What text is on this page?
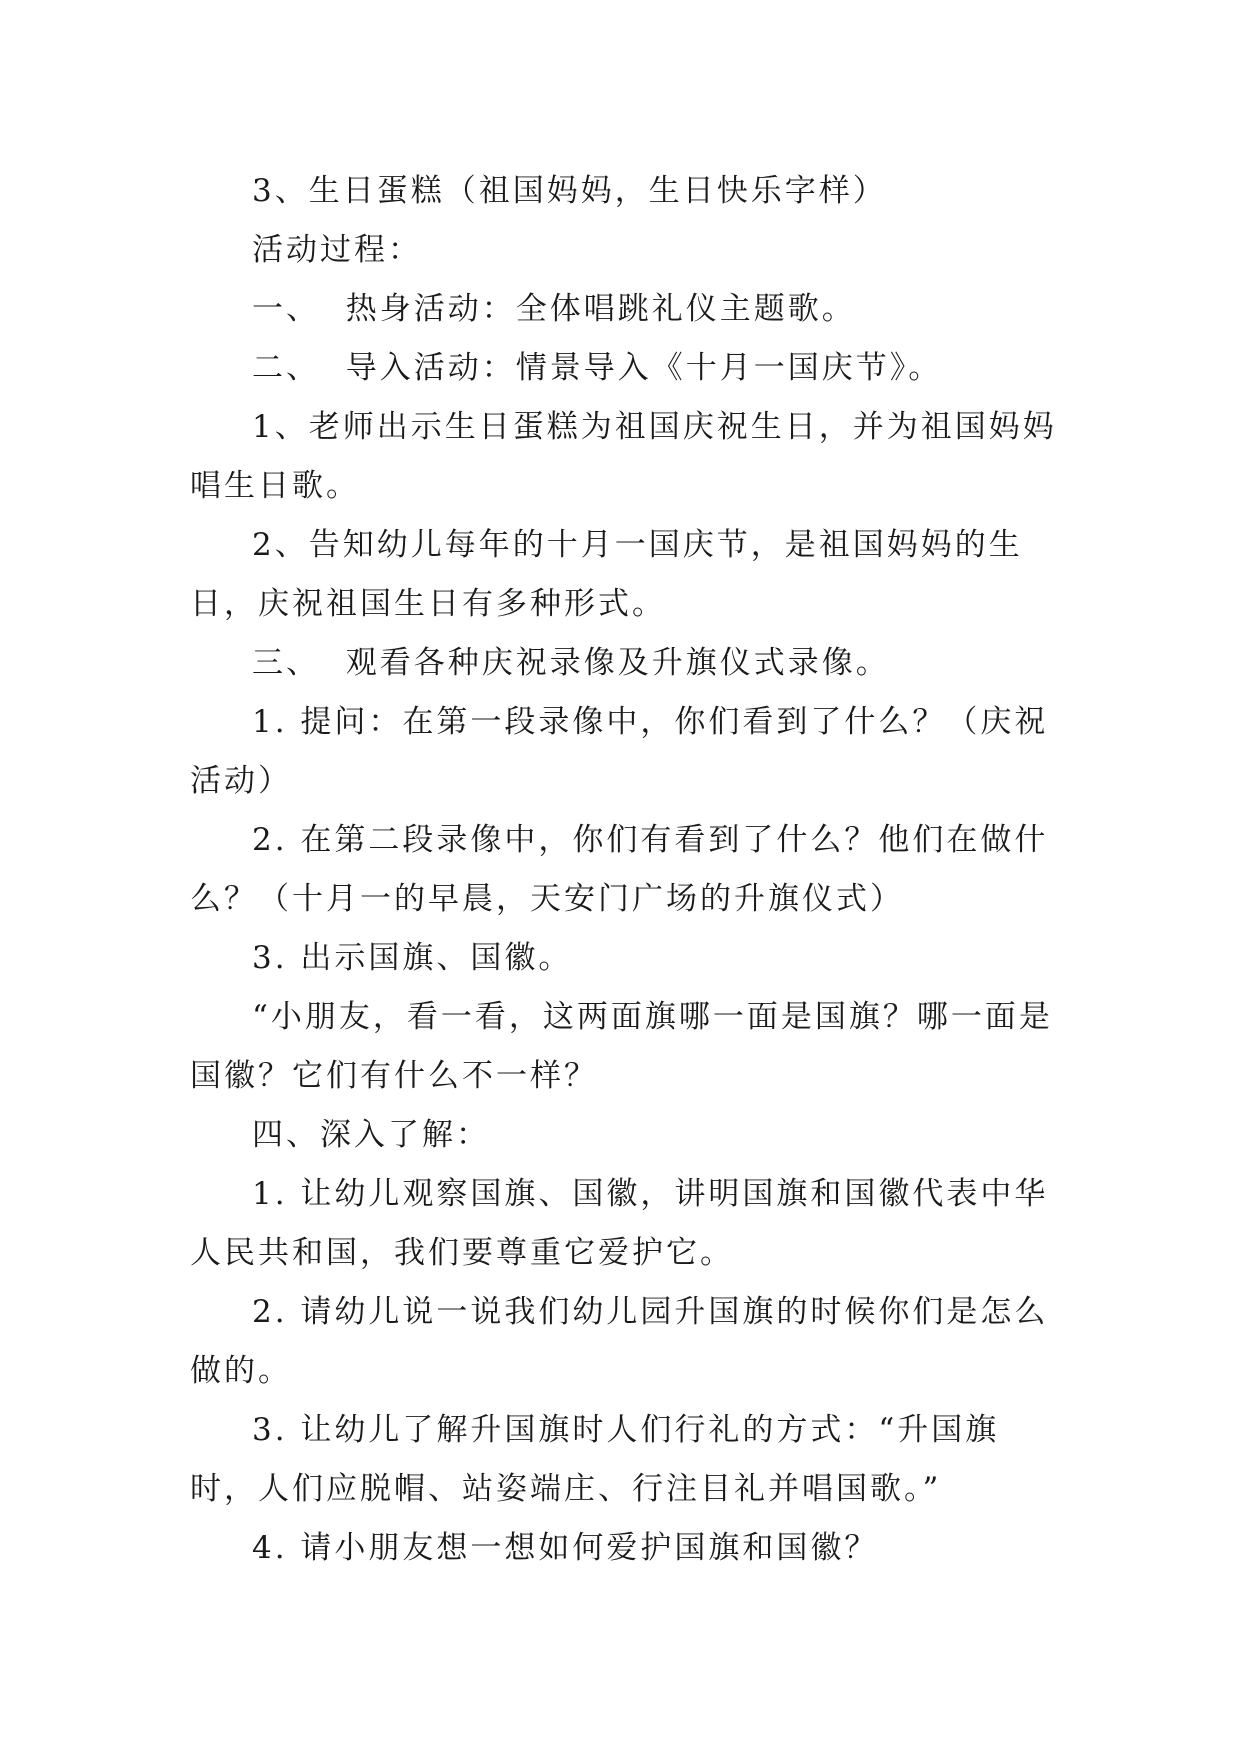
3、生日蛋糕（祖国妈妈，生日快乐字样）

活动过程：

一、  热身活动：全体唱跳礼仪主题歌。

二、  导入活动：情景导入《十月一国庆节》。

1、老师出示生日蛋糕为祖国庆祝生日，并为祖国妈妈唱生日歌。

2、告知幼儿每年的十月一国庆节，是祖国妈妈的生日，庆祝祖国生日有多种形式。

三、  观看各种庆祝录像及升旗仪式录像。

1. 提问：在第一段录像中，你们看到了什么？（庆祝活动）

2. 在第二段录像中，你们有看到了什么？他们在做什么？（十月一的早晨，天安门广场的升旗仪式）

3. 出示国旗、国徽。

“小朋友，看一看，这两面旗哪一面是国旗？哪一面是国徽？它们有什么不一样？

四、深入了解：

1. 让幼儿观察国旗、国徽，讲明国旗和国徽代表中华人民共和国，我们要尊重它爱护它。

2. 请幼儿说一说我们幼儿园升国旗的时候你们是怎么做的。

3. 让幼儿了解升国旗时人们行礼的方式：“升国旗时，人们应脱帽、站姿端庄、行注目礼并唱国歌。”

4. 请小朋友想一想如何爱护国旗和国徽？
